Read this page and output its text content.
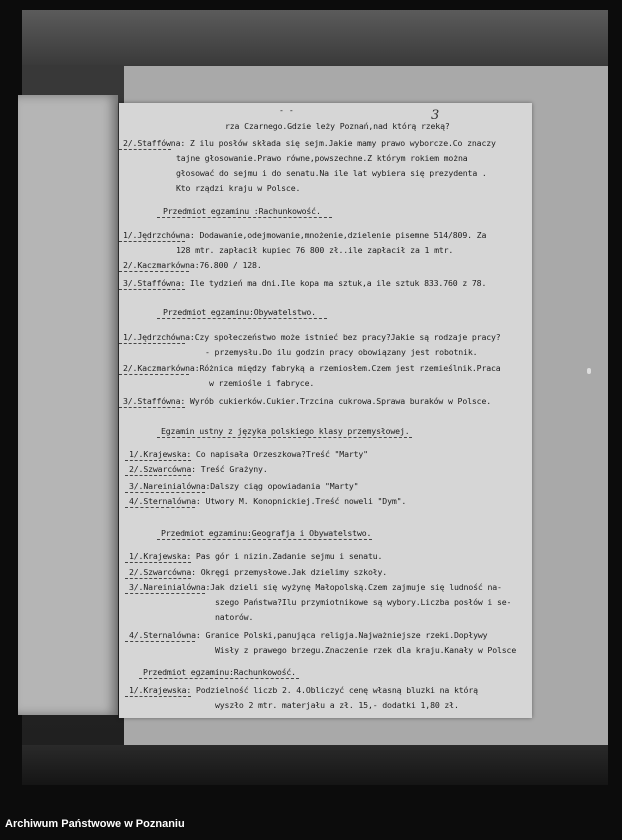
- -	3
rza Czarnego.Gdzie leży Poznań,nad którą rzeką?
2/.Staffówna: Z ilu posłów składa się sejm.Jakie mamy prawo wyborcze.Co znaczy
tajne głosowanie.Prawo równe,powszechne.Z którym rokiem można
głosować do sejmu i do senatu.Na ile lat wybiera się prezydenta .
Kto rządzi kraju w Polsce.
Przedmiot egzaminu :Rachunkowość.
1/.Jędrzchówna: Dodawanie,odejmowanie,mnożenie,dzielenie pisemne 514/809. Za
128 mtr. zapłacił kupiec 76 800 zł..ile zapłacił za 1 mtr.
2/.Kaczmarkówna:76.800 / 128.
3/.Staffówna: Ile tydzień ma dni.Ile kopa ma sztuk,a ile sztuk 833.760 z 78.
Przedmiot egzaminu:Obywatelstwo.
1/.Jędrzchówna:Czy społeczeństwo może istnieć bez pracy?Jakie są rodzaje pracy?
- przemysłu.Do ilu godzin pracy obowiązany jest robotnik.
2/.Kaczmarkówna:Różnica między fabryką a rzemiosłem.Czem jest rzemieślnik.Praca
w rzemiośle i fabryce.
3/.Staffówna: Wyrób cukierków.Cukier.Trzcina cukrowa.Sprawa buraków w Polsce.
Egzamin ustny z języka polskiego klasy przemysłowej.
1/.Krajewska: Co napisała Orzeszkowa?Treść "Marty"
2/.Szwarcówna: Treść Grażyny.
3/.Nareinialówna:Dalszy ciąg opowiadania "Marty"
4/.Sternalówna: Utwory M. Konopnickiej.Treść noweli "Dym".
Przedmiot egzaminu:Geografja i Obywatelstwo.
1/.Krajewska: Pas gór i nizin.Zadanie sejmu i senatu.
2/.Szwarcówna: Okręgi przemysłowe.Jak dzielimy szkoły.
3/.Nareinialówna:Jak dzieli się wyżynę Małopolską.Czem zajmuje się ludność na-
szego Państwa?Ilu przymiotnikowe są wybory.Liczba posłów i se-
natorów.
4/.Sternalówna: Granice Polski,panująca religja.Najważniejsze rzeki.Dopływy
Wisły z prawego brzegu.Znaczenie rzek dla kraju.Kanały w Polsce
Przedmiot egzaminu:Rachunkowość.
1/.Krajewska: Podzielność liczb 2. 4.Obliczyć cenę własną bluzki na którą
wyszło 2 mtr. materjału a zł. 15,- dodatki 1,80 zł.
Archiwum Państwowe w Poznaniu
